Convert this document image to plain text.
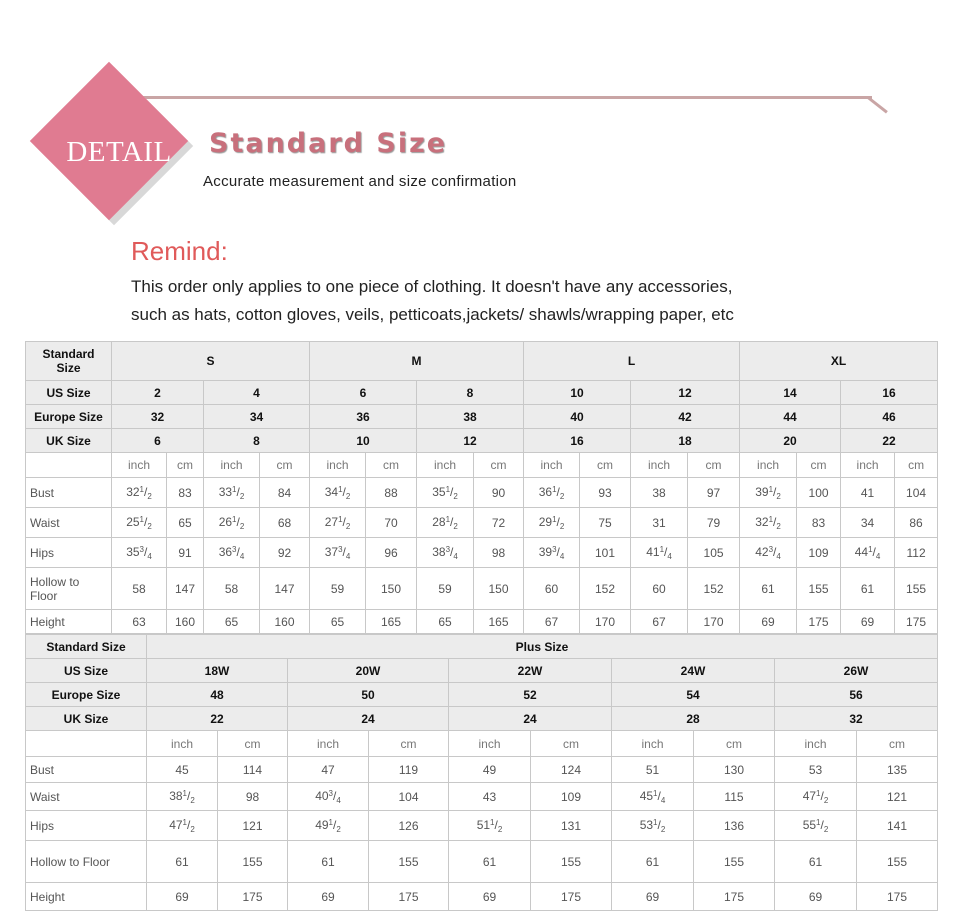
DETAIL	Standard Size
Accurate measurement and size confirmation
Remind:
This order only applies to one piece of clothing. It doesn't have any accessories,
such as hats, cotton gloves, veils, petticoats,jackets/ shawls/wrapping paper, etc
Standard Size	S				M				L				XL			
US Size	2		4		6		8		10		12		14		16	
Europe Size	32		34		36		38		40		42		44		46	
UK Size	6		8		10		12		16		18		20		22	
	inch	cm	inch	cm	inch	cm	inch	cm	inch	cm	inch	cm	inch	cm	inch	cm
Bust	$32^1/_2$	83	$33^1/_2$	84	$34^1/_2$	88	$35^1/_2$	90	$36^1/_2$	93	38	97	$39^1/_2$	100	41	104
Waist	$25^1/_2$	65	$26^1/_2$	68	$27^1/_2$	70	$28^1/_2$	72	$29^1/_2$	75	31	79	$32^1/_2$	83	34	86
Hips	$35^3/_4$	91	$36^3/_4$	92	$37^3/_4$	96	$38^3/_4$	98	$39^3/_4$	101	$41^1/_4$	105	$42^3/_4$	109	$44^1/_4$	112
Hollow to Floor	58	147	58	147	59	150	59	150	60	152	60	152	61	155	61	155
Height	63	160	65	160	65	165	65	165	67	170	67	170	69	175	69	175
Standard Size	Plus Size									
US Size	18W		20W		22W		24W		26W	
Europe Size	48		50		52		54		56	
UK Size	22		24		24		28		32	
	inch	cm	inch	cm	inch	cm	inch	cm	inch	cm
Bust	45	114	47	119	49	124	51	130	53	135
Waist	$38^1/_2$	98	$40^3/_4$	104	43	109	$45^1/_4$	115	$47^1/_2$	121
Hips	$47^1/_2$	121	$49^1/_2$	126	$51^1/_2$	131	$53^1/_2$	136	$55^1/_2$	141
Hollow to Floor	61	155	61	155	61	155	61	155	61	155
Height	69	175	69	175	69	175	69	175	69	175
